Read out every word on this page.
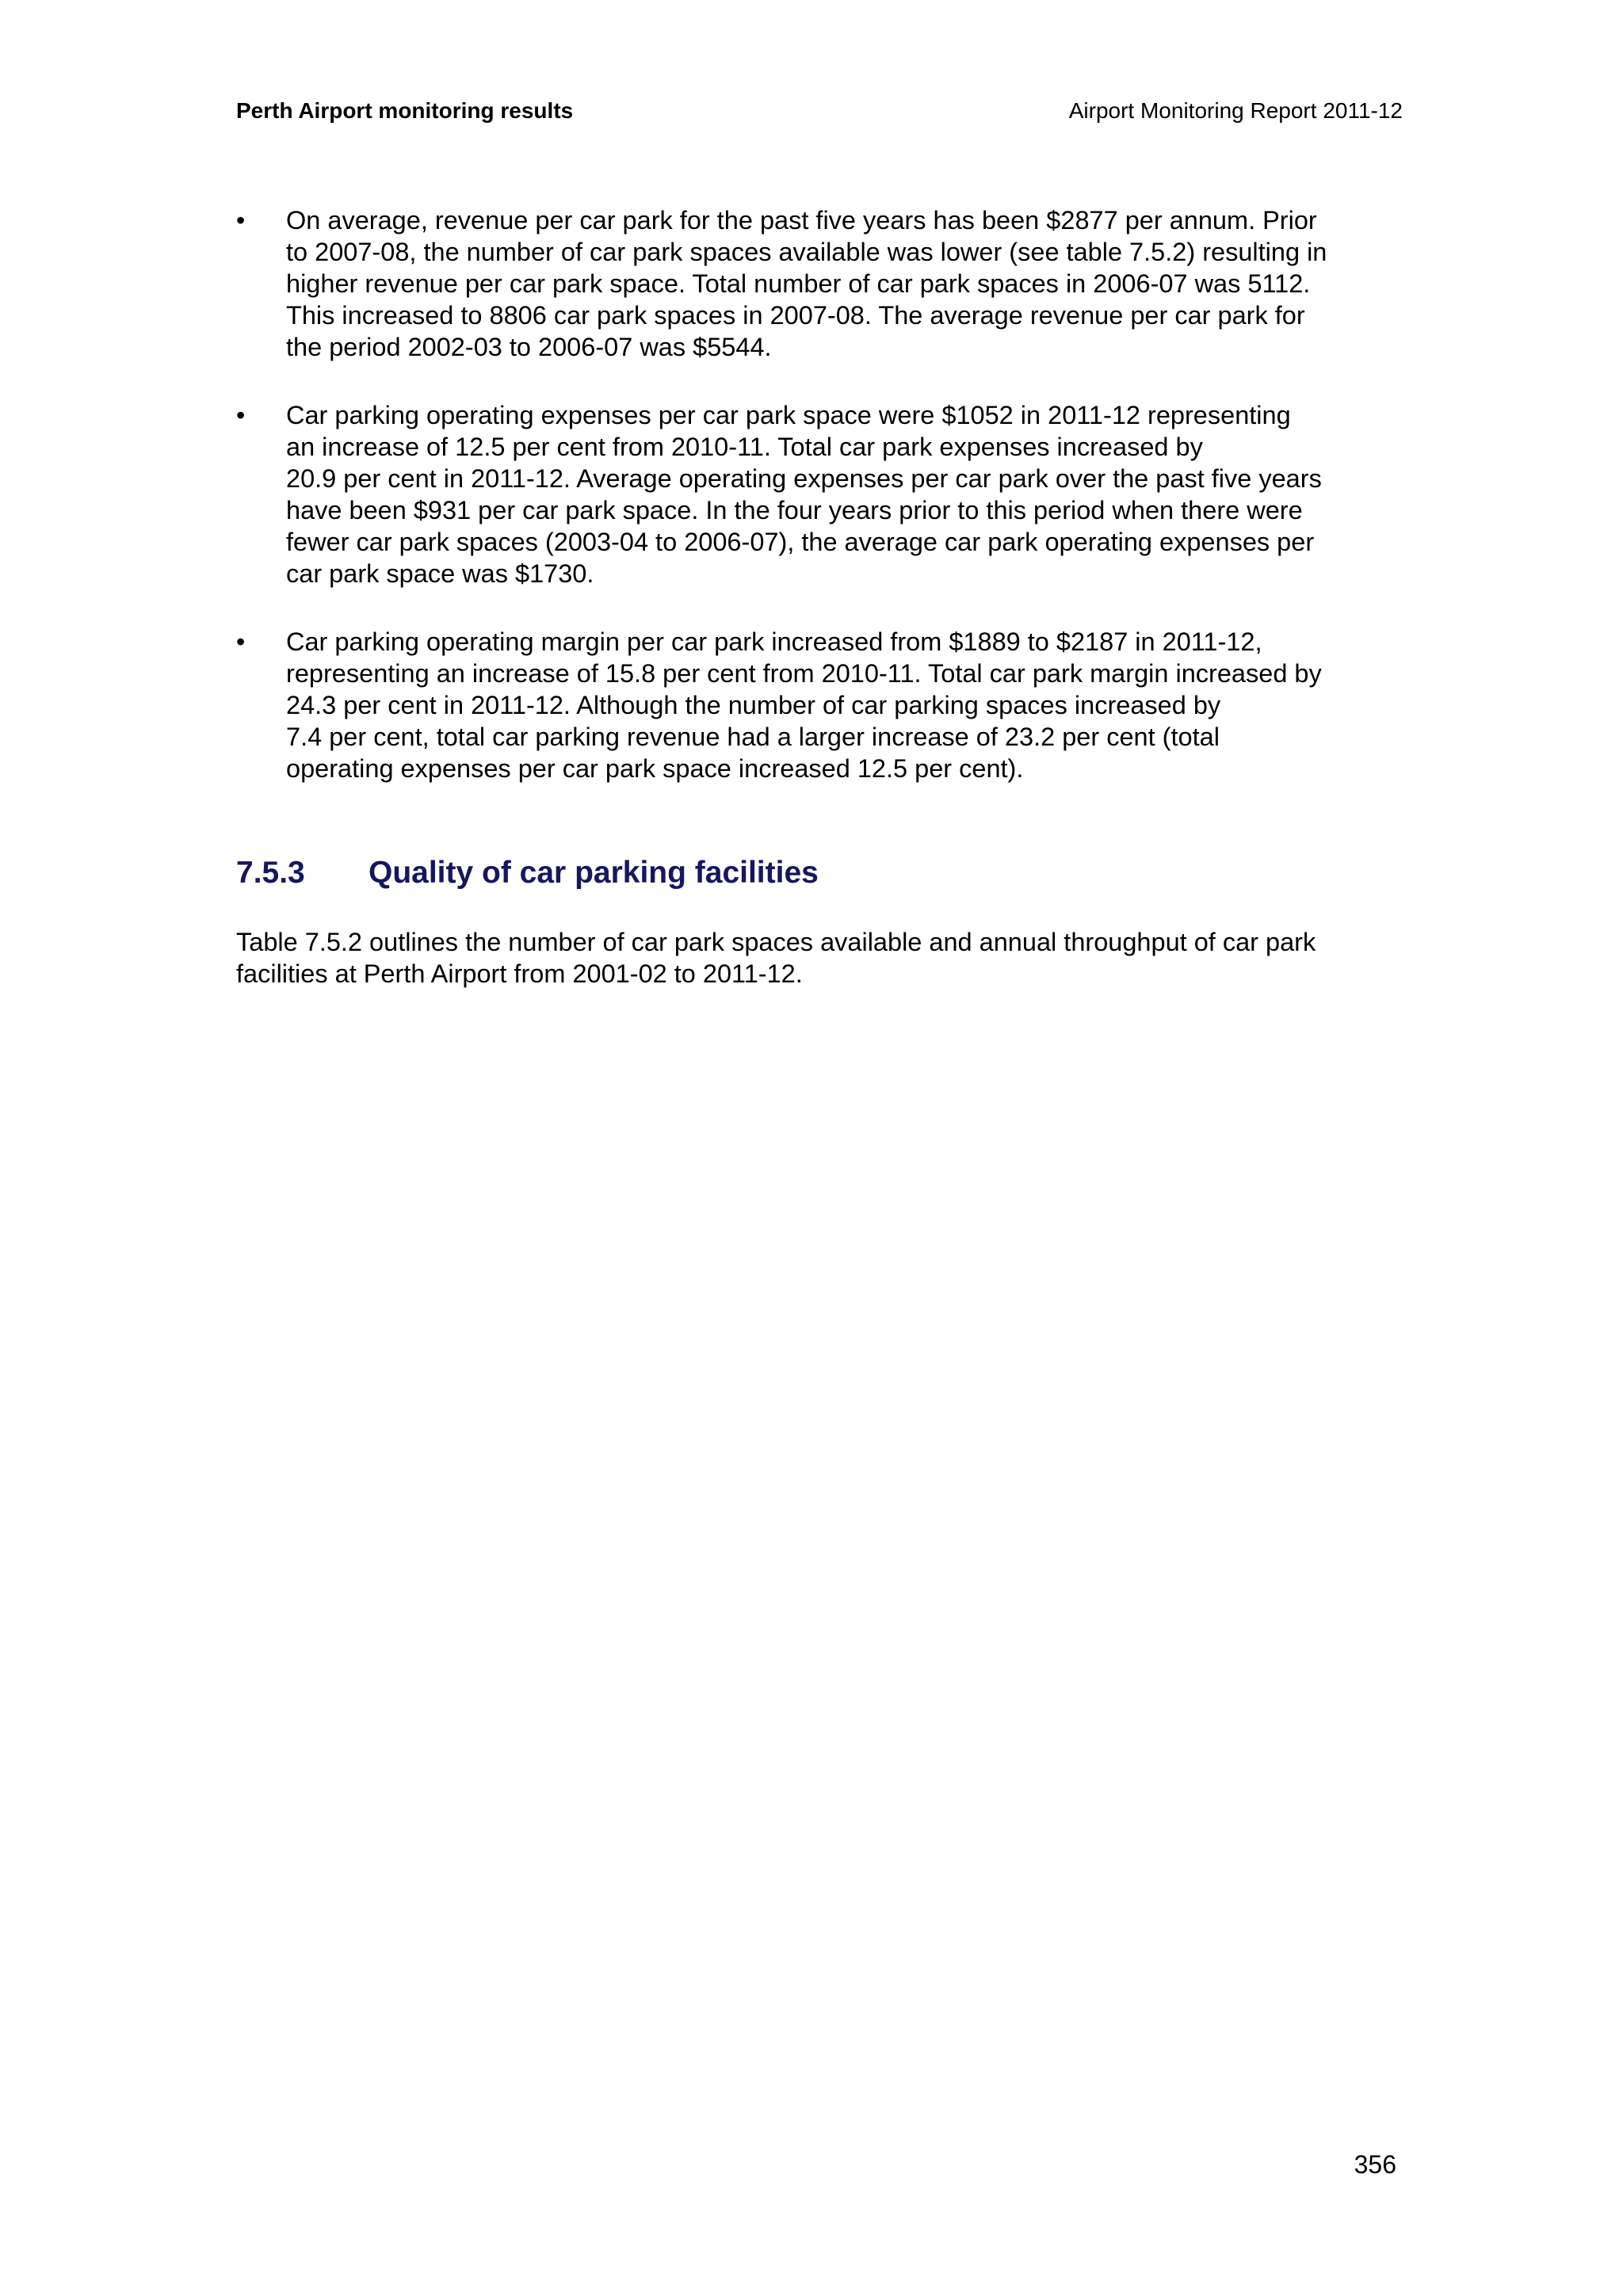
Perth Airport monitoring results	Airport Monitoring Report 2011-12
• On average, revenue per car park for the past five years has been $2877 per annum. Prior
to 2007-08, the number of car park spaces available was lower (see table 7.5.2) resulting in
higher revenue per car park space. Total number of car park spaces in 2006-07 was 5112.
This increased to 8806 car park spaces in 2007-08. The average revenue per car park for
the period 2002-03 to 2006-07 was $5544.
• Car parking operating expenses per car park space were $1052 in 2011-12 representing
an increase of 12.5 per cent from 2010-11. Total car park expenses increased by
20.9 per cent in 2011-12. Average operating expenses per car park over the past five years
have been $931 per car park space. In the four years prior to this period when there were
fewer car park spaces (2003-04 to 2006-07), the average car park operating expenses per
car park space was $1730.
• Car parking operating margin per car park increased from $1889 to $2187 in 2011-12,
representing an increase of 15.8 per cent from 2010-11. Total car park margin increased by
24.3 per cent in 2011-12. Although the number of car parking spaces increased by
7.4 per cent, total car parking revenue had a larger increase of 23.2 per cent (total
operating expenses per car park space increased 12.5 per cent).
7.5.3 Quality of car parking facilities
Table 7.5.2 outlines the number of car park spaces available and annual throughput of car park
facilities at Perth Airport from 2001-02 to 2011-12.
356
